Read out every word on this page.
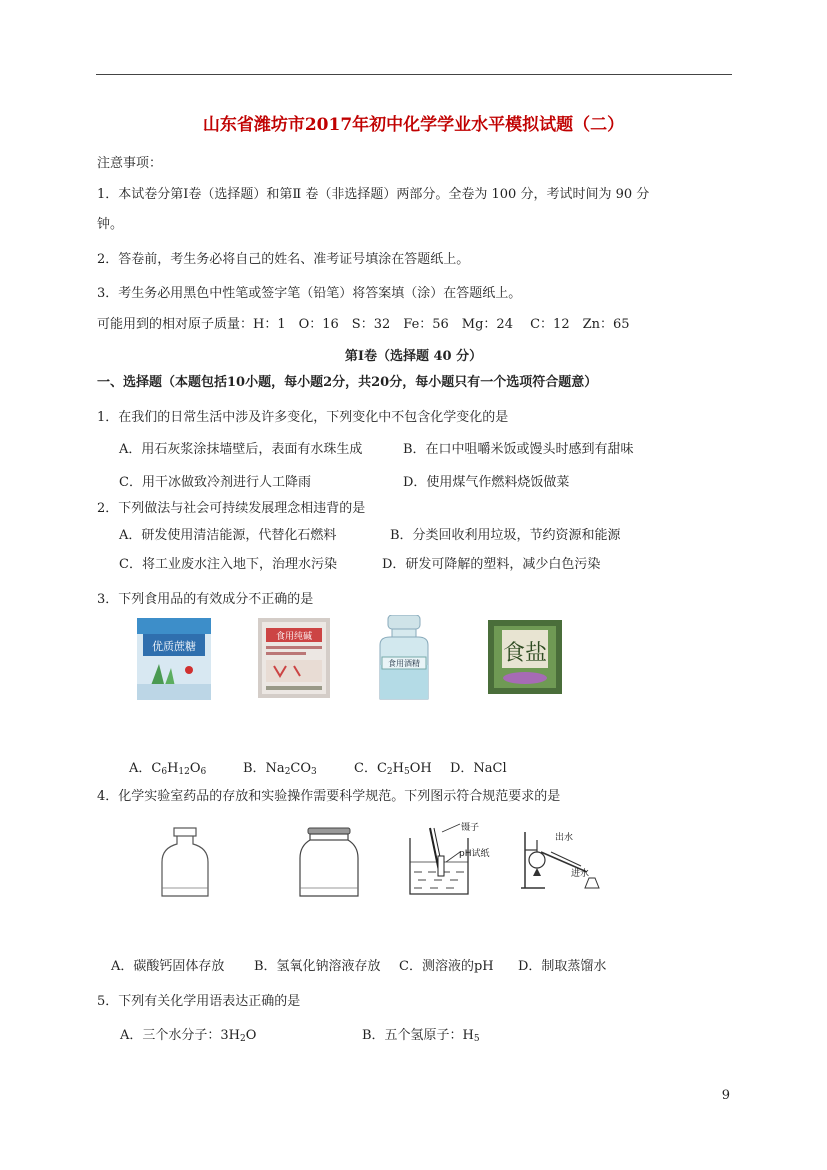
山东省潍坊市2017年初中化学学业水平模拟试题（二）
注意事项：
1．本试卷分第Ⅰ卷（选择题）和第Ⅱ 卷（非选择题）两部分。全卷为 100 分，考试时间为 90 分
钟。
2．答卷前，考生务必将自己的姓名、准考证号填涂在答题纸上。
3．考生务必用黑色中性笔或签字笔（铅笔）将答案填（涂）在答题纸上。
可能用到的相对原子质量：H：1　O：16　S：32　Fe：56　Mg：24　 C：12　Zn：65
第Ⅰ卷（选择题 40 分）
一、选择题（本题包括10小题，每小题2分，共20分，每小题只有一个选项符合题意）
1．在我们的日常生活中涉及许多变化，下列变化中不包含化学变化的是
A．用石灰浆涂抹墙壁后，表面有水珠生成	B．在口中咀嚼米饭或馒头时感到有甜味
C．用干冰做致冷剂进行人工降雨	D．使用煤气作燃料烧饭做菜
2．下列做法与社会可持续发展理念相违背的是
A．研发使用清洁能源，代替化石燃料	B．分类回收利用垃圾，节约资源和能源
C．将工业废水注入地下，治理水污染	D．研发可降解的塑料，减少白色污染
3．下列食用品的有效成分不正确的是
优质蔗糖
食用纯碱
食用酒精	食盐
A．$C_6H_{12}O_6$	B．$Na_2CO_3$	C．$C_2H_5OH$ D．NaCl
4．化学实验室药品的存放和实验操作需要科学规范。下列图示符合规范要求的是
镊子
pH试纸
出水
进水
A．碳酸钙固体存放 B．氢氧化钠溶液存放 C．测溶液的pH D．制取蒸馏水
5．下列有关化学用语表达正确的是
A．三个水分子：$3H_2O$	B．五个氢原子：$H_5$
9
